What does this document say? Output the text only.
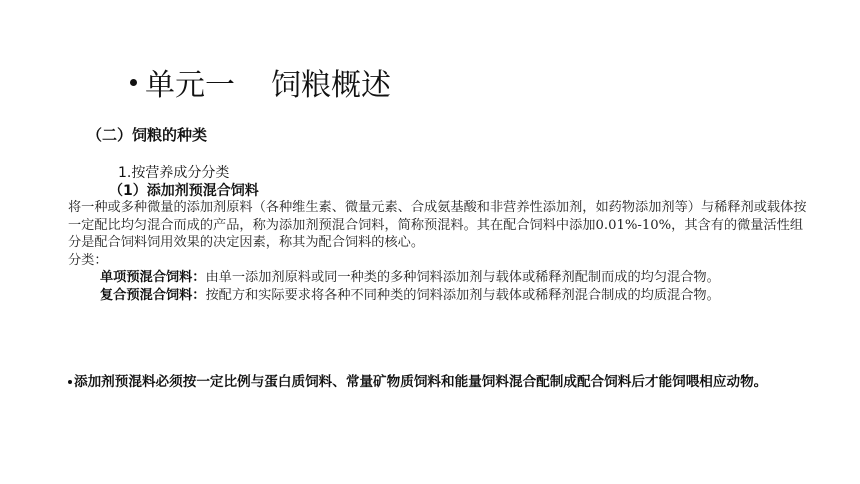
单元一 饲粮概述
（二）饲粮的种类
1.按营养成分分类
（1）添加剂预混合饲料

将一种或多种微量的添加剂原料（各种维生素、微量元素、合成氨基酸和非营养性添加剂，如药物添加剂等）与稀释剂或载体按一定配比均匀混合而成的产品，称为添加剂预混合饲料，简称预混料。其在配合饲料中添加0.01%-10%，其含有的微量活性组分是配合饲料饲用效果的决定因素，称其为配合饲料的核心。

分类：

单项预混合饲料：由单一添加剂原料或同一种类的多种饲料添加剂与载体或稀释剂配制而成的均匀混合物。

复合预混合饲料：按配方和实际要求将各种不同种类的饲料添加剂与载体或稀释剂混合制成的均质混合物。

添加剂预混料必须按一定比例与蛋白质饲料、常量矿物质饲料和能量饲料混合配制成配合饲料后才能饲喂相应动物。
